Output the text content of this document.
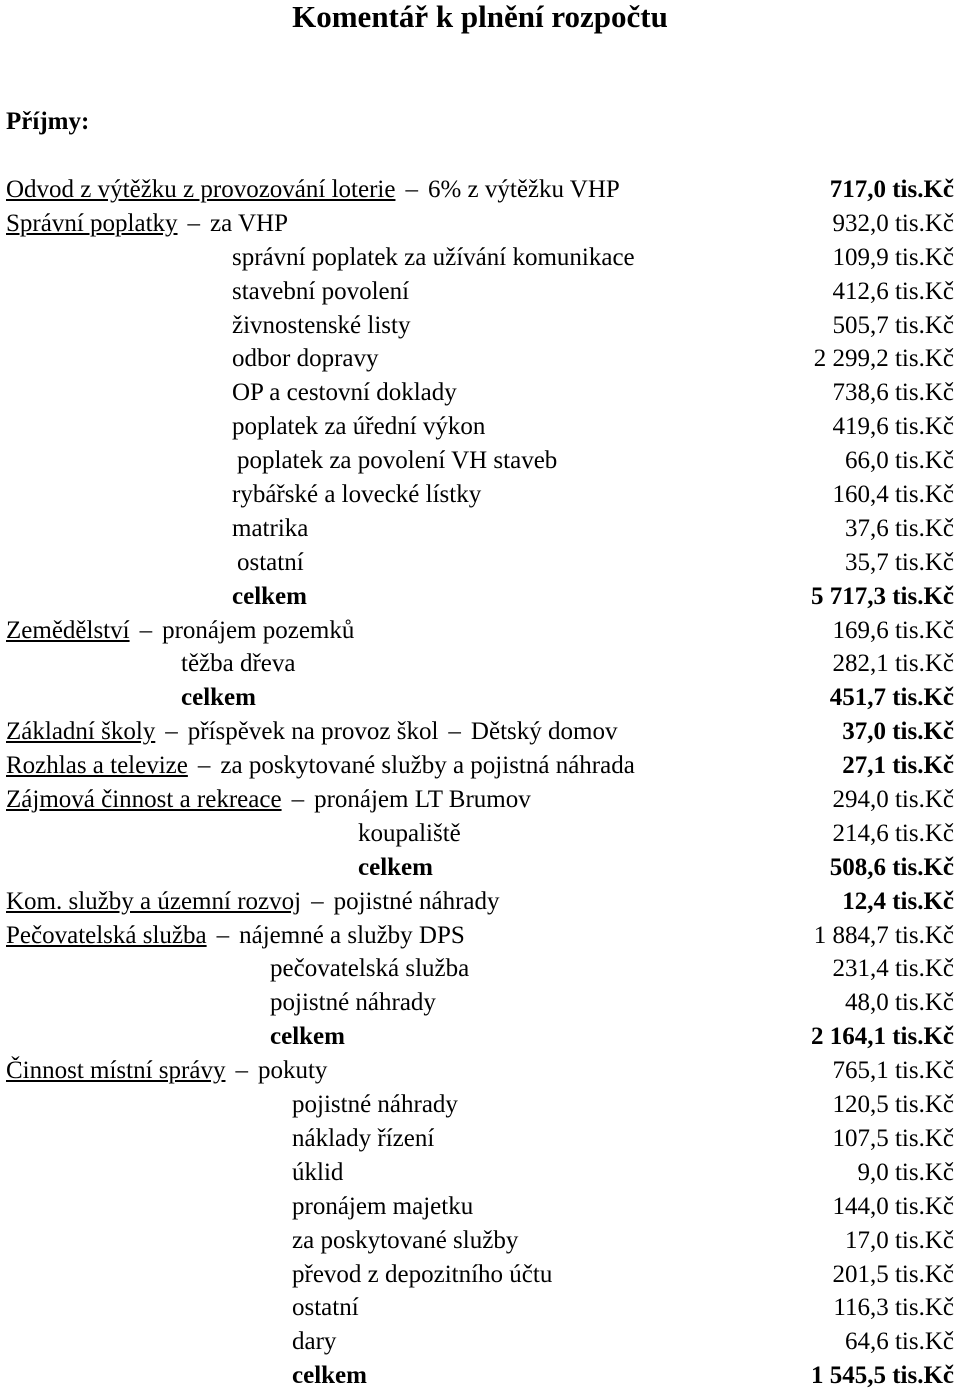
Komentář k plnění rozpočtu
Příjmy:
Odvod z výtěžku z provozování loterie – 6% z výtěžku VHP	717,0 tis.Kč
Správní poplatky – za VHP	932,0 tis.Kč
správní poplatek za užívání komunikace	109,9 tis.Kč
stavební povolení	412,6 tis.Kč
živnostenské listy	505,7 tis.Kč
odbor dopravy	2 299,2 tis.Kč
OP a cestovní doklady	738,6 tis.Kč
poplatek za úřední výkon	419,6 tis.Kč
poplatek za povolení VH staveb	66,0 tis.Kč
rybářské a lovecké lístky	160,4 tis.Kč
matrika	37,6 tis.Kč
ostatní	35,7 tis.Kč
celkem	5 717,3 tis.Kč
Zemědělství – pronájem pozemků	169,6 tis.Kč
těžba dřeva	282,1 tis.Kč
celkem	451,7 tis.Kč
Základní školy – příspěvek na provoz škol – Dětský domov	37,0 tis.Kč
Rozhlas a televize – za poskytované služby a pojistná náhrada	27,1 tis.Kč
Zájmová činnost a rekreace – pronájem LT Brumov	294,0 tis.Kč
koupaliště	214,6 tis.Kč
celkem	508,6 tis.Kč
Kom. služby a územní rozvoj – pojistné náhrady	12,4 tis.Kč
Pečovatelská služba – nájemné a služby DPS	1 884,7 tis.Kč
pečovatelská služba	231,4 tis.Kč
pojistné náhrady	48,0 tis.Kč
celkem	2 164,1 tis.Kč
Činnost místní správy – pokuty	765,1 tis.Kč
pojistné náhrady	120,5 tis.Kč
náklady řízení	107,5 tis.Kč
úklid	9,0 tis.Kč
pronájem majetku	144,0 tis.Kč
za poskytované služby	17,0 tis.Kč
převod z depozitního účtu	201,5 tis.Kč
ostatní	116,3 tis.Kč
dary	64,6 tis.Kč
celkem	1 545,5 tis.Kč
